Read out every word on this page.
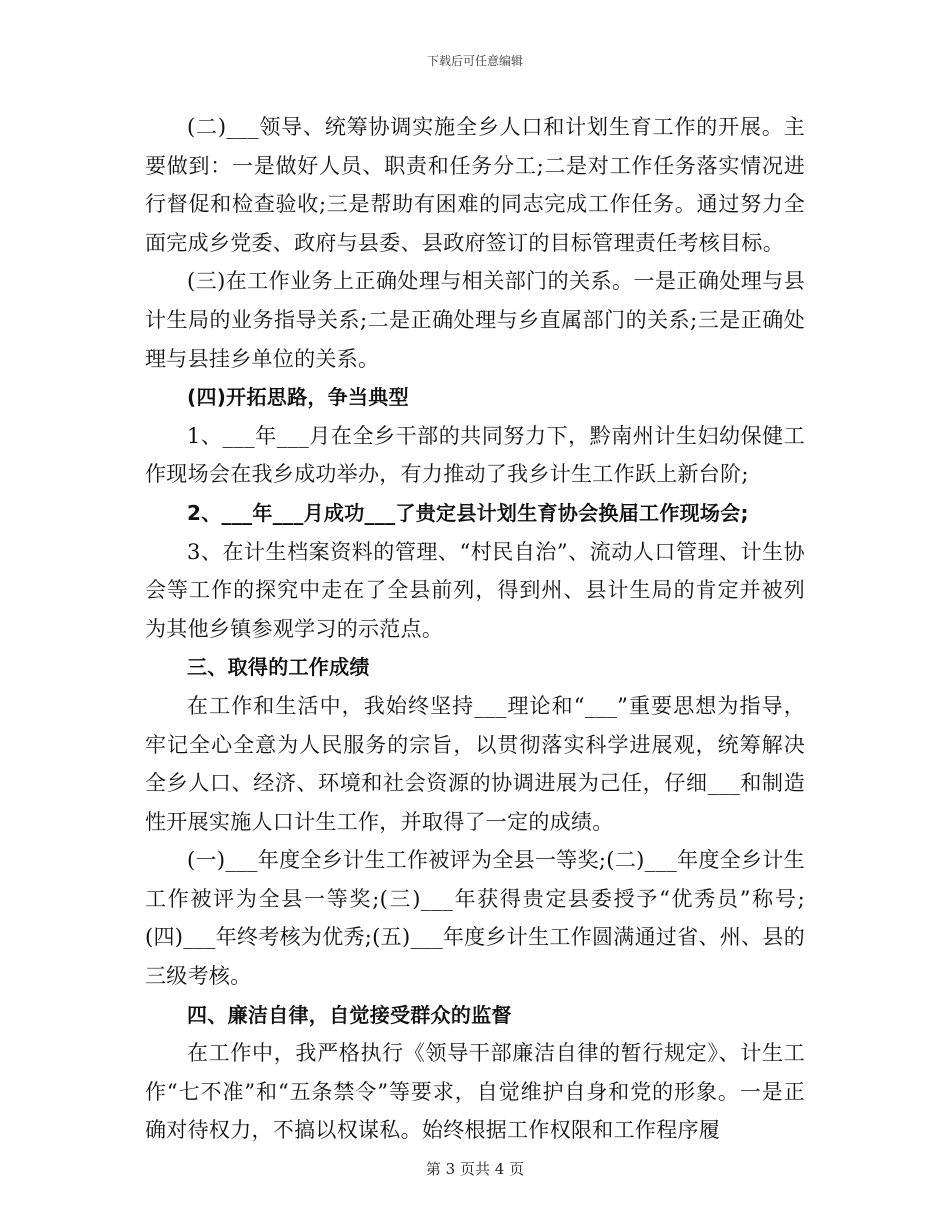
下载后可任意编辑

(二)___领导、统筹协调实施全乡人口和计划生育工作的开展。主要做到：一是做好人员、职责和任务分工;二是对工作任务落实情况进行督促和检查验收;三是帮助有困难的同志完成工作任务。通过努力全面完成乡党委、政府与县委、县政府签订的目标管理责任考核目标。

(三)在工作业务上正确处理与相关部门的关系。一是正确处理与县计生局的业务指导关系;二是正确处理与乡直属部门的关系;三是正确处理与县挂乡单位的关系。

(四)开拓思路，争当典型

1、___年___月在全乡干部的共同努力下，黔南州计生妇幼保健工作现场会在我乡成功举办，有力推动了我乡计生工作跃上新台阶;

2、___年___月成功___了贵定县计划生育协会换届工作现场会;

3、在计生档案资料的管理、“村民自治”、流动人口管理、计生协会等工作的探究中走在了全县前列，得到州、县计生局的肯定并被列为其他乡镇参观学习的示范点。

三、取得的工作成绩

在工作和生活中，我始终坚持___理论和“___”重要思想为指导，牢记全心全意为人民服务的宗旨，以贯彻落实科学进展观，统筹解决全乡人口、经济、环境和社会资源的协调进展为己任，仔细___和制造性开展实施人口计生工作，并取得了一定的成绩。

(一)___年度全乡计生工作被评为全县一等奖;(二)___年度全乡计生工作被评为全县一等奖;(三)___年获得贵定县委授予“优秀员”称号;(四)___年终考核为优秀;(五)___年度乡计生工作圆满通过省、州、县的三级考核。

四、廉洁自律，自觉接受群众的监督

在工作中，我严格执行《领导干部廉洁自律的暂行规定》、计生工作“七不准”和“五条禁令”等要求，自觉维护自身和党的形象。一是正确对待权力，不搞以权谋私。始终根据工作权限和工作程序履

第 3 页共 4 页
